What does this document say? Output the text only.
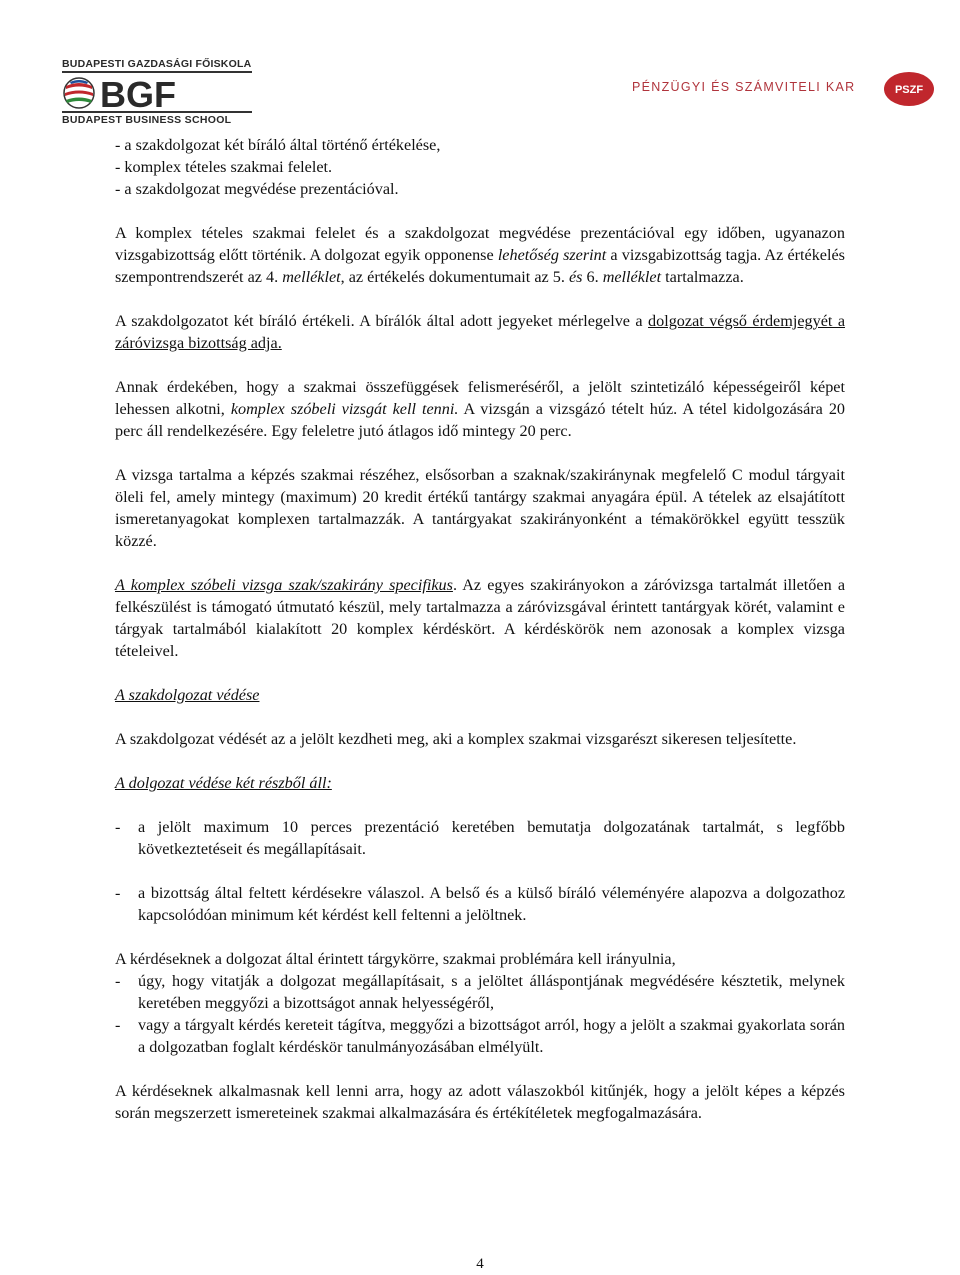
BUDAPESTI GAZDASÁGI FŐISKOLA
BGF
BUDAPEST BUSINESS SCHOOL
PÉNZÜGYI ÉS SZÁMVITELI KAR	PSZF
- a szakdolgozat két bíráló által történő értékelése,
- komplex tételes szakmai felelet.
- a szakdolgozat megvédése prezentációval.

A komplex tételes szakmai felelet és a szakdolgozat megvédése prezentációval egy időben, ugyanazon vizsgabizottság előtt történik. A dolgozat egyik opponense lehetőség szerint a vizsgabizottság tagja. Az értékelés szempontrendszerét az 4. melléklet, az értékelés dokumentumait az 5. és 6. melléklet tartalmazza.

A szakdolgozatot két bíráló értékeli. A bírálók által adott jegyeket mérlegelve a dolgozat végső érdemjegyét a záróvizsga bizottság adja.

Annak érdekében, hogy a szakmai összefüggések felismeréséről, a jelölt szintetizáló képességeiről képet lehessen alkotni, komplex szóbeli vizsgát kell tenni. A vizsgán a vizsgázó tételt húz. A tétel kidolgozására 20 perc áll rendelkezésére. Egy feleletre jutó átlagos idő mintegy 20 perc.

A vizsga tartalma a képzés szakmai részéhez, elsősorban a szaknak/szakiránynak megfelelő C modul tárgyait öleli fel, amely mintegy (maximum) 20 kredit értékű tantárgy szakmai anyagára épül. A tételek az elsajátított ismeretanyagokat komplexen tartalmazzák. A tantárgyakat szakirányonként a témakörökkel együtt tesszük közzé.

A komplex szóbeli vizsga szak/szakirány specifikus. Az egyes szakirányokon a záróvizsga tartalmát illetően a felkészülést is támogató útmutató készül, mely tartalmazza a záróvizsgával érintett tantárgyak körét, valamint e tárgyak tartalmából kialakított 20 komplex kérdéskört. A kérdéskörök nem azonosak a komplex vizsga tételeivel.

A szakdolgozat védése

A szakdolgozat védését az a jelölt kezdheti meg, aki a komplex szakmai vizsgarészt sikeresen teljesítette.

A dolgozat védése két részből áll:

- a jelölt maximum 10 perces prezentáció keretében bemutatja dolgozatának tartalmát, s legfőbb következtetéseit és megállapításait.

- a bizottság által feltett kérdésekre válaszol. A belső és a külső bíráló véleményére alapozva a dolgozathoz kapcsolódóan minimum két kérdést kell feltenni a jelöltnek.

A kérdéseknek a dolgozat által érintett tárgykörre, szakmai problémára kell irányulnia,

- úgy, hogy vitatják a dolgozat megállapításait, s a jelöltet álláspontjának megvédésére késztetik, melynek keretében meggyőzi a bizottságot annak helyességéről,

- vagy a tárgyalt kérdés kereteit tágítva, meggyőzi a bizottságot arról, hogy a jelölt a szakmai gyakorlata során a dolgozatban foglalt kérdéskör tanulmányozásában elmélyült.

A kérdéseknek alkalmasnak kell lenni arra, hogy az adott válaszokból kitűnjék, hogy a jelölt képes a képzés során megszerzett ismereteinek szakmai alkalmazására és értékítéletek megfogalmazására.

4
